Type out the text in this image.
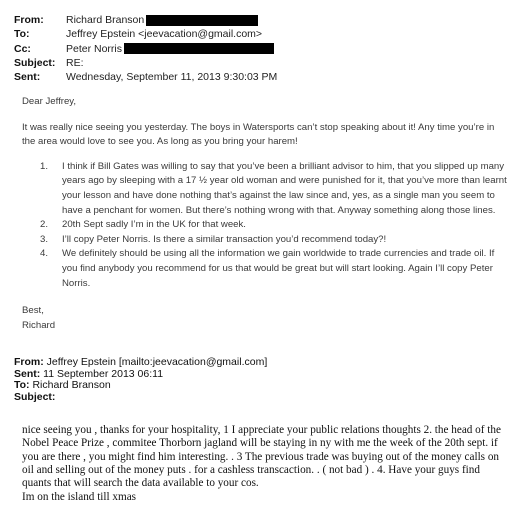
From:	Richard Branson
To:	Jeffrey Epstein <jeevacation@gmail.com>
Cc:	Peter Norris
Subject:	RE:
Sent:	Wednesday, September 11, 2013 9:30:03 PM

Dear Jeffrey,

It was really nice seeing you yesterday. The boys in Watersports can’t stop speaking about it! Any time you’re in the area would love to see you. As long as you bring your harem!

1. I think if Bill Gates was willing to say that you’ve been a brilliant advisor to him, that you slipped up many years ago by sleeping with a 17 ½ year old woman and were punished for it, that you’ve more than learnt your lesson and have done nothing that’s against the law since and, yes, as a single man you seem to have a penchant for women. But there’s nothing wrong with that. Anyway something along those lines.
2. 20th Sept sadly I’m in the UK for that week.
3. I’ll copy Peter Norris. Is there a similar transaction you’d recommend today?!
4. We definitely should be using all the information we gain worldwide to trade currencies and trade oil. If you find anybody you recommend for us that would be great but will start looking. Again I’ll copy Peter Norris.

Best,

Richard

From: Jeffrey Epstein [mailto:jeevacation@gmail.com]
Sent: 11 September 2013 06:11
To: Richard Branson
Subject:

nice seeing you , thanks for your hospitality, 1 I appreciate your public relations thoughts 2. the head of the Nobel Peace Prize , commitee Thorborn jagland will be staying in ny with me the week of the 20th sept. if you are there , you might find him interesting. . 3 The previous trade was buying out of the money calls on oil and selling out of the money puts . for a cashless transcaction. . ( not bad ) . 4. Have your guys find quants that will search the data available to your cos.

Im on the island till xmas
